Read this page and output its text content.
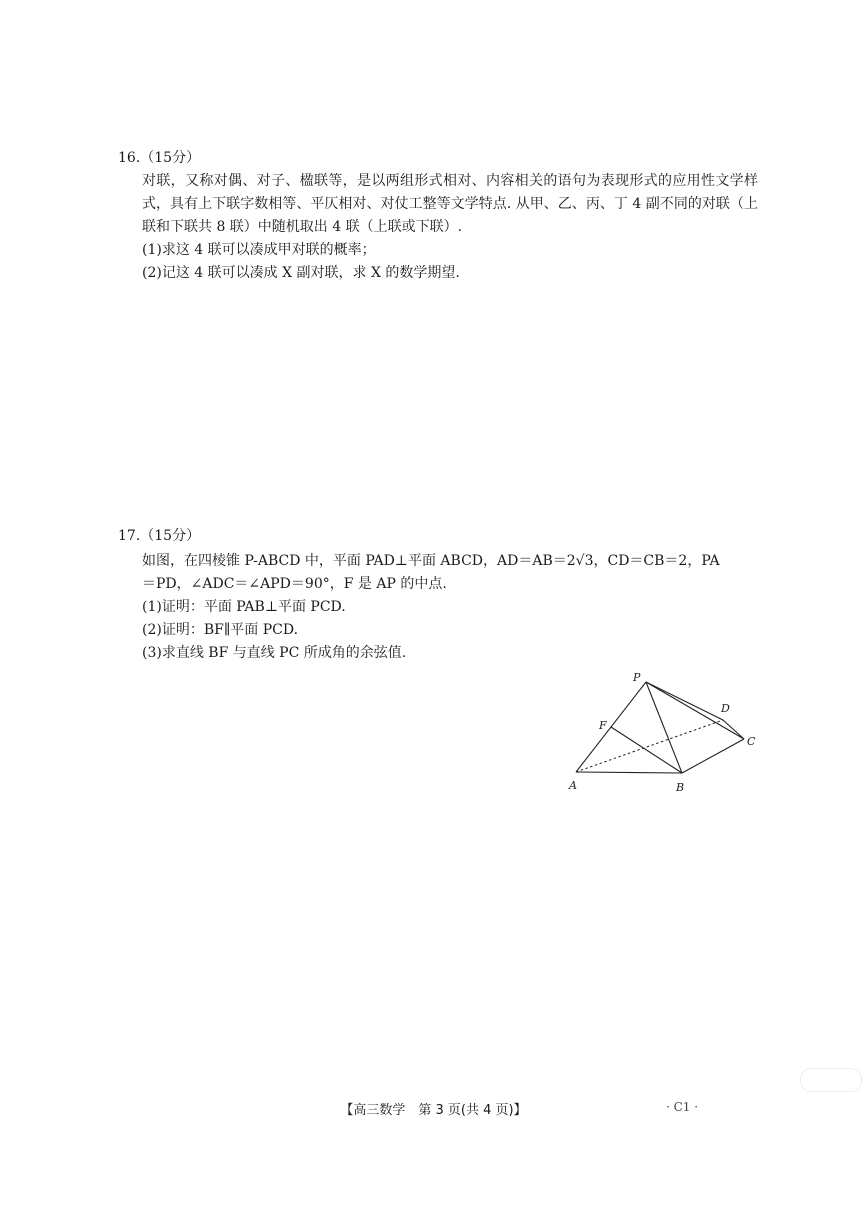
16.（15分）

对联，又称对偶、对子、楹联等，是以两组形式相对、内容相关的语句为表现形式的应用性文学样式，具有上下联字数相等、平仄相对、对仗工整等文学特点. 从甲、乙、丙、丁 4 副不同的对联（上联和下联共 8 联）中随机取出 4 联（上联或下联）.

(1)求这 4 联可以凑成甲对联的概率；

(2)记这 4 联可以凑成 X 副对联，求 X 的数学期望.

17.（15分）

如图，在四棱锥 P-ABCD 中，平面 PAD⊥平面 ABCD，AD＝AB＝2√3，CD＝CB＝2，PA

＝PD，∠ADC＝∠APD＝90°，F 是 AP 的中点.

(1)证明：平面 PAB⊥平面 PCD.

(2)证明：BF∥平面 PCD.

(3)求直线 BF 与直线 PC 所成角的余弦值.

P
A	B
C
D
F
【高三数学　第 3 页(共 4 页)】	· C1 ·
